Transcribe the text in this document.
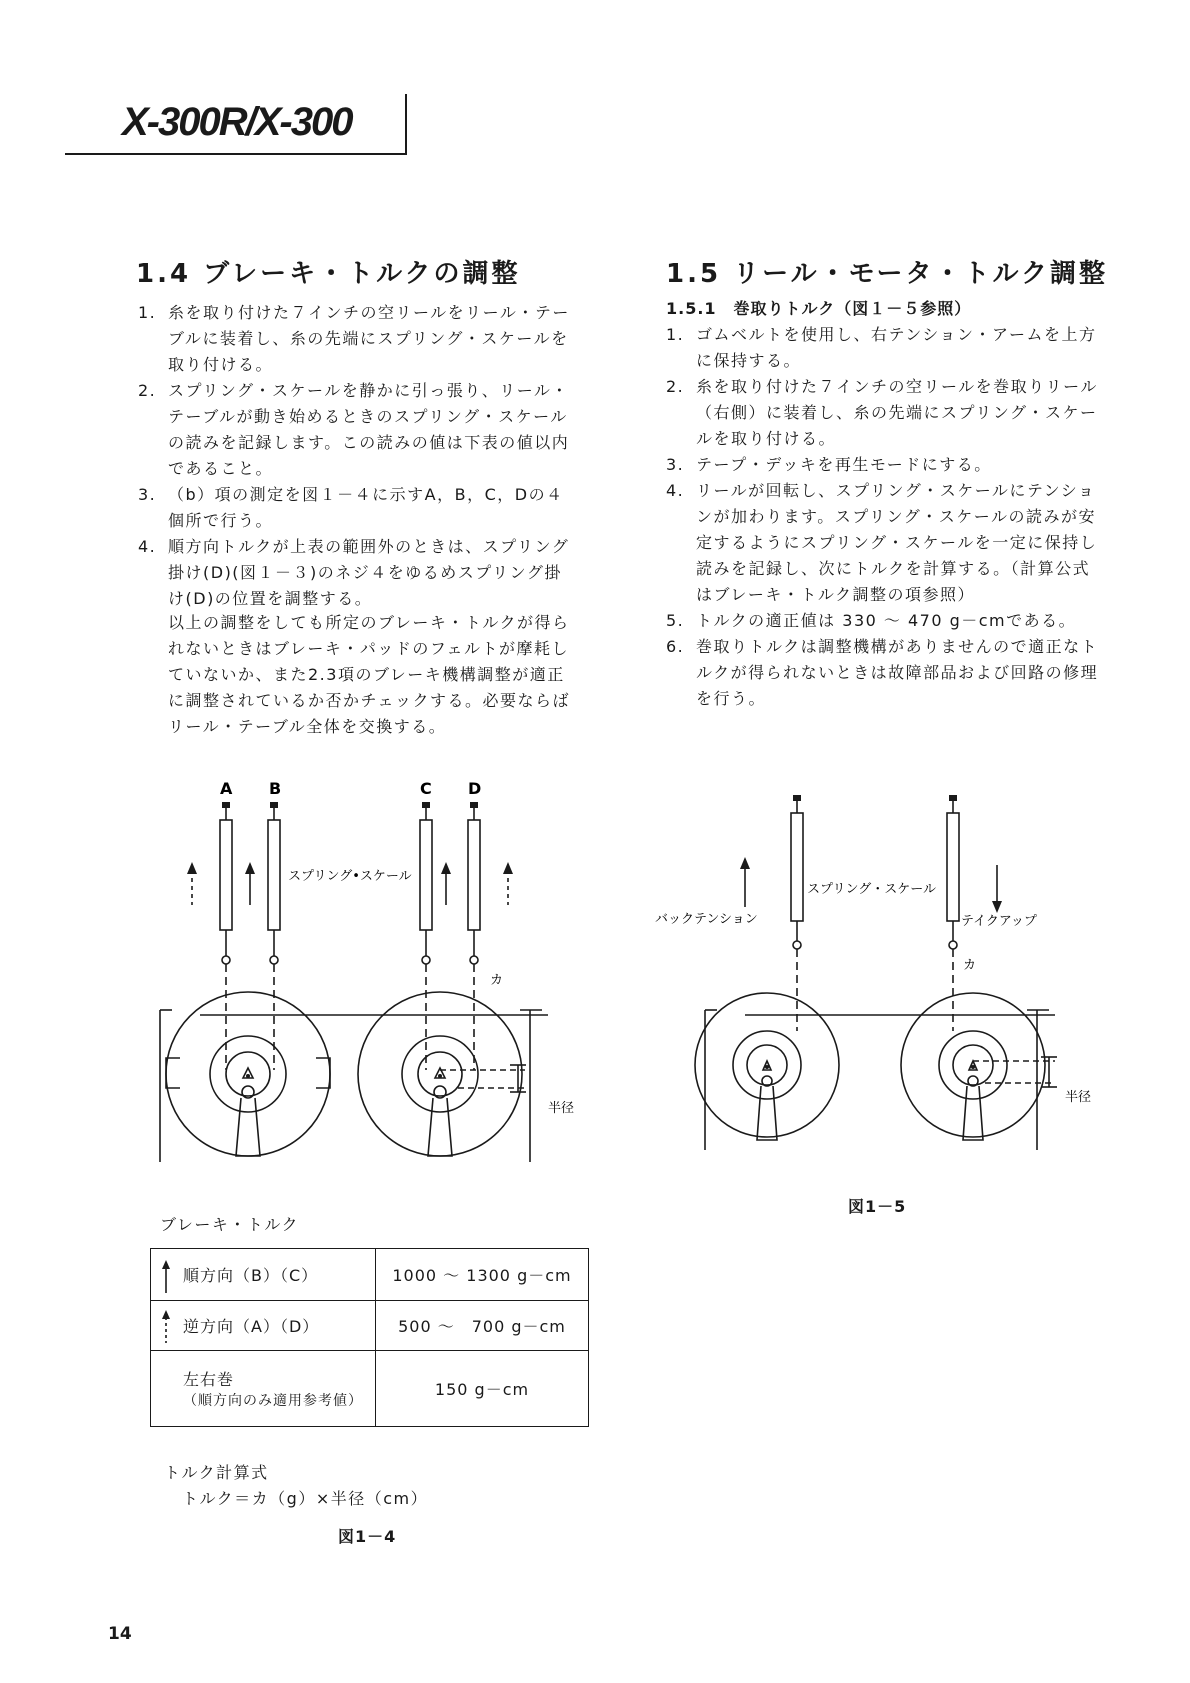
X-300R/X-300
1.4 ブレーキ・トルクの調整
1. 糸を取り付けた７インチの空リールをリール・テーブルに装着し、糸の先端にスプリング・スケールを取り付ける。
2. スプリング・スケールを静かに引っ張り、リール・テーブルが動き始めるときのスプリング・スケールの読みを記録します。この読みの値は下表の値以内であること。
3. （b）項の測定を図１－４に示すA，B，C，Dの４個所で行う。
4. 順方向トルクが上表の範囲外のときは、スプリング掛け(D)(図１－３)のネジ４をゆるめスプリング掛け(D)の位置を調整する。
以上の調整をしても所定のブレーキ・トルクが得られないときはブレーキ・パッドのフェルトが摩耗していないか、また2.3項のブレーキ機構調整が適正に調整されているか否かチェックする。必要ならばリール・テーブル全体を交換する。
1.5 リール・モータ・トルク調整
1.5.1　巻取りトルク（図１－５参照）
1. ゴムベルトを使用し、右テンション・アームを上方に保持する。
2. 糸を取り付けた７インチの空リールを巻取りリール（右側）に装着し、糸の先端にスプリング・スケールを取り付ける。
3. テープ・デッキを再生モードにする。
4. リールが回転し、スプリング・スケールにテンションが加わります。スプリング・スケールの読みが安定するようにスプリング・スケールを一定に保持し読みを記録し、次にトルクを計算する。（計算公式はブレーキ・トルク調整の項参照）
5. トルクの適正値は 330 ～ 470 g－cmである。
6. 巻取りトルクは調整機構がありませんので適正なトルクが得られないときは故障部品および回路の修理を行う。
A B	C D
スプリング•スケール
カ
半径
スプリング・スケール
バックテンション	テイクアップ
カ
半径
図1－5
ブレーキ・トルク
順方向（B）（C）	1000 ～ 1300 g－cm

逆方向（A）（D）	500 ～　700 g－cm

左右巻
（順方向のみ適用参考値）	150 g－cm
トルク計算式
トルク＝カ（g）×半径（cm）
図1－4
14
